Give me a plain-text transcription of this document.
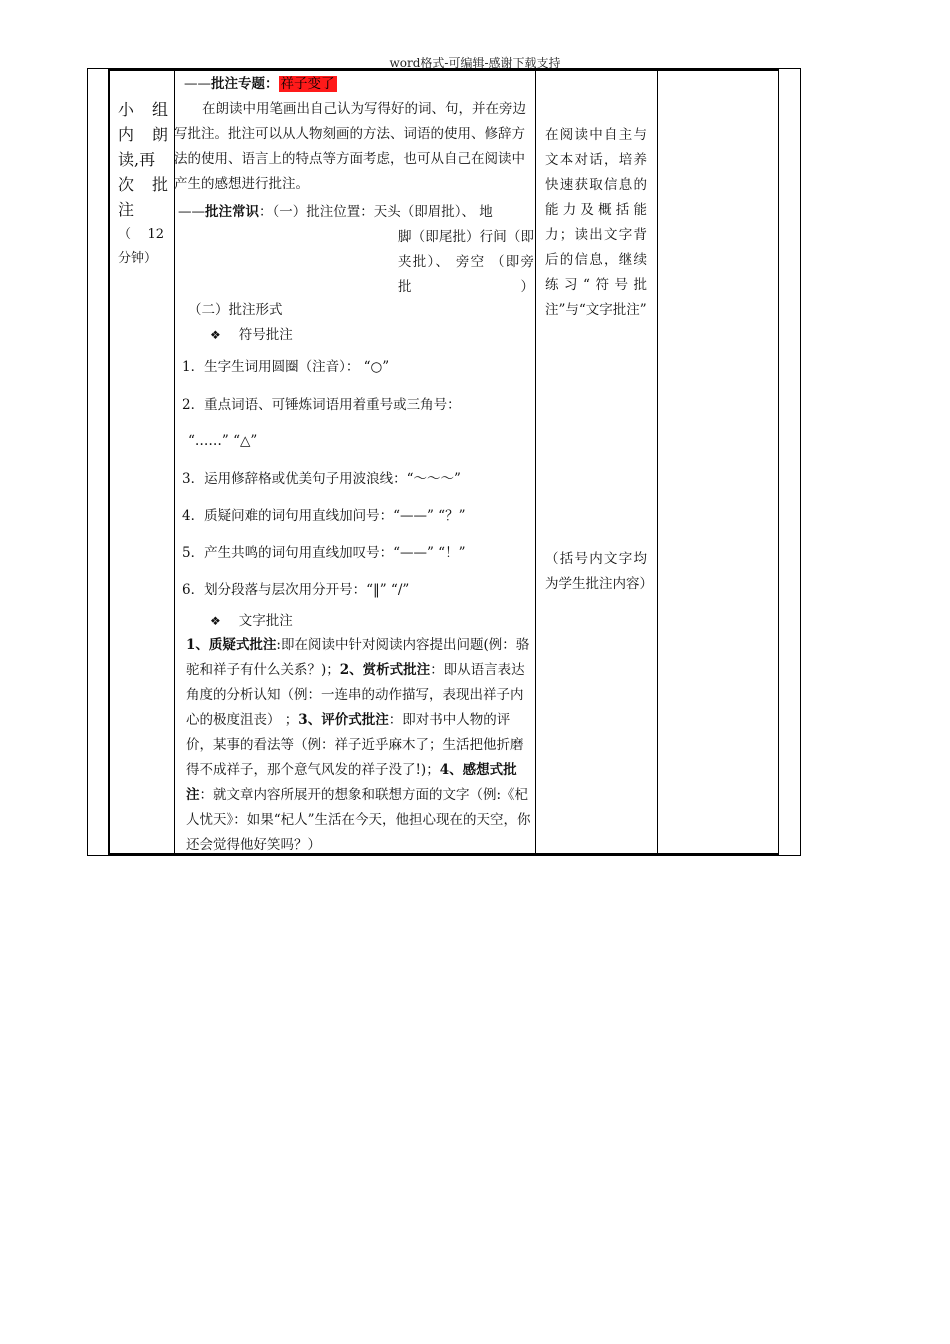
word格式-可编辑-感谢下载支持
小 组
内 朗
读,再
次 批
注
（    12
分钟）
——批注专题： 祥子变了

在朗读中用笔画出自己认为写得好的词、句，并在旁边写批注。批注可以从人物刻画的方法、词语的使用、修辞方法的使用、语言上的特点等方面考虑，也可从自己在阅读中产生的感想进行批注。

——批注常识：（一）批注位置：天头（即眉批）、 地
脚（即尾批）行间（即夹批）、 旁空 （即旁批）
（二）批注形式
❖ 符号批注
1．生字生词用圆圈（注音）： “○”
2．重点词语、可锤炼词语用着重号或三角号：
“……” “△”
3．运用修辞格或优美句子用波浪线：“～～～”
4．质疑问难的词句用直线加问号：“——” “？”
5．产生共鸣的词句用直线加叹号：“——” “！”
6．划分段落与层次用分开号：“‖” “/”
❖ 文字批注

1、质疑式批注:即在阅读中针对阅读内容提出问题(例：骆驼和祥子有什么关系？)；2、赏析式批注：即从语言表达角度的分析认知（例：一连串的动作描写，表现出祥子内心的极度沮丧） ；3、评价式批注：即对书中人物的评价，某事的看法等（例：祥子近乎麻木了；生活把他折磨得不成祥子，那个意气风发的祥子没了!)；4、感想式批注：就文章内容所展开的想象和联想方面的文字（例:《杞人忧天》：如果“杞人”生活在今天，他担心现在的天空，你还会觉得他好笑吗？）

在阅读中自主与文本对话，培养快速获取信息的能力及概括能力；读出文字背后的信息，继续练习“符号批注”与“文字批注”
（括号内文字均为学生批注内容）
